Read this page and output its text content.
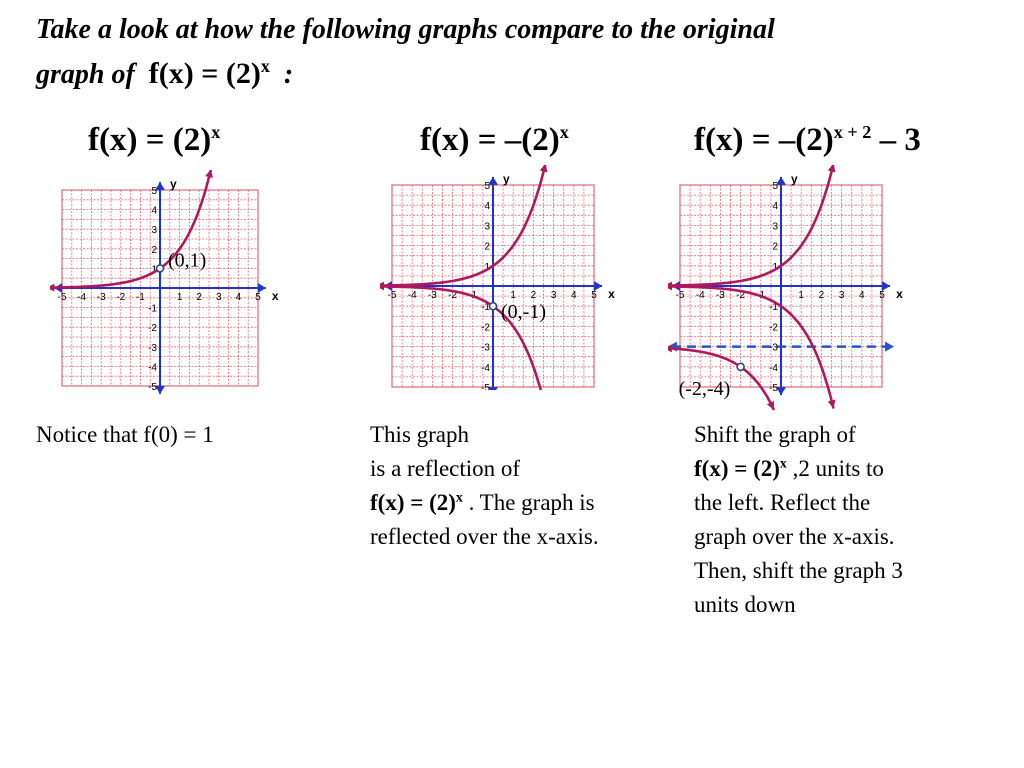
Take a look at how the following graphs compare to the original
graph of $f(x) = (2)^x$ :
$f(x) = (2)^x$	$f(x) = -(2)^x$	$f(x) = -(2)^{x + 2} - 3$
x
y
-5 -4 -3 -2 -1	1 2 3 4 5
5
4
3
2
1
-1
-2
-3
-4
-5
(0,1)
x
y
-5 -4 -3 -2 -1	1 2 3 4 5
5
4
3
2
1
-1
-2
-3
-4
-5
(0,-1)
x
y
-5 -4 -3 -2 -1	1 2 3 4 5
5
4
3
2
1
-1
-2
-3
-4
-5
(-2,-4)
Notice that f(0) = 1	This graph
is a reflection of
$f(x) = (2)^x$ . The graph is
reflected over the x-axis.
Shift the graph of
$f(x) = (2)^x$ ,2 units to
the left. Reflect the
graph over the x-axis.
Then, shift the graph 3
units down
